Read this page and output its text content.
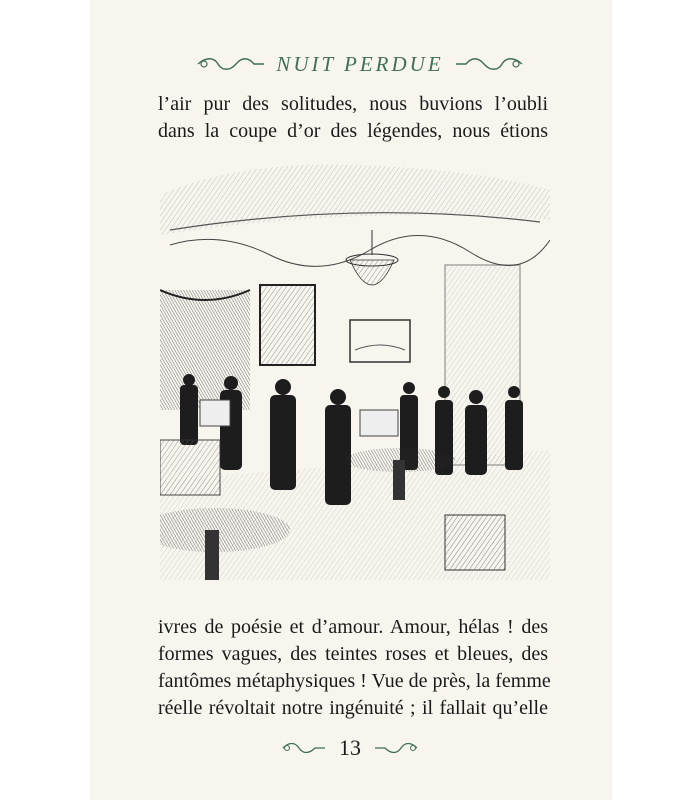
NUIT PERDUE
l’air pur des solitudes, nous buvions l’oubli
dans la coupe d’or des légendes, nous étions
ivres de poésie et d’amour. Amour, hélas ! des
formes vagues, des teintes roses et bleues, des
fantômes métaphysiques ! Vue de près, la femme
réelle révoltait notre ingénuité ; il fallait qu’elle
13
